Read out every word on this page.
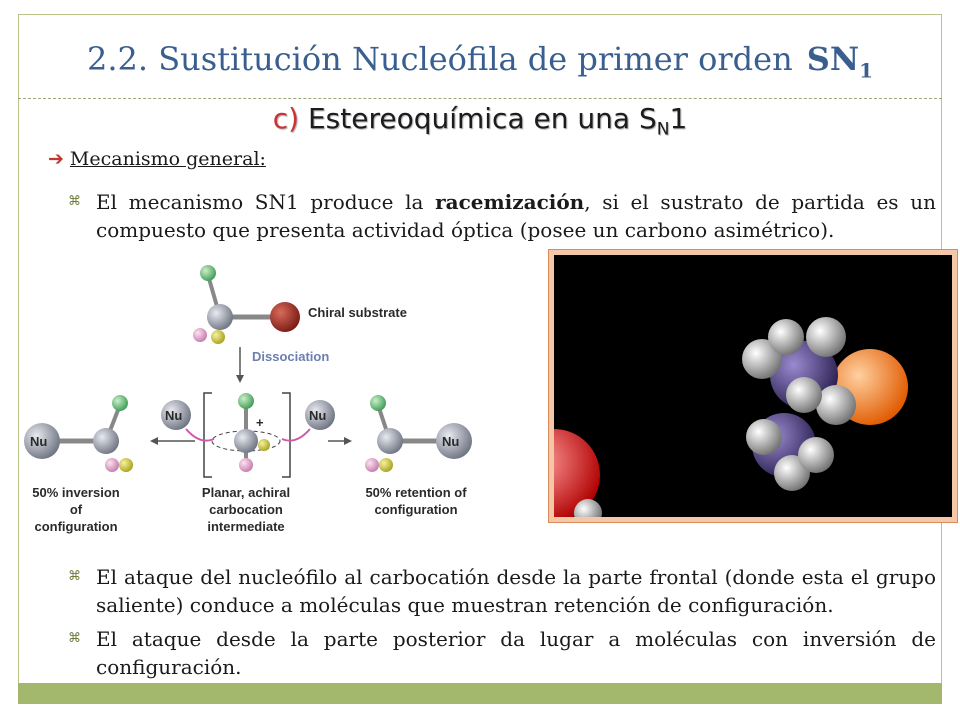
2.2. Sustitución Nucleófila de primer orden $SN_1$
c) Estereoquímica en una $S_N1$
➔ Mecanismo general:
⌘ El mecanismo SN1 produce la racemización, si el sustrato de partida es un compuesto que presenta actividad óptica (posee un carbono asimétrico).
Chiral substrate
Dissociation
+
Nu	Nu
Nu	Nu
50% inversion
of
configuration
Planar, achiral
carbocation
intermediate
50% retention of
configuration
⌘ El ataque del nucleófilo al carbocatión desde la parte frontal (donde esta el grupo saliente) conduce a moléculas que muestran retención de configuración.
⌘ El ataque desde la parte posterior da lugar a moléculas con inversión de configuración.
